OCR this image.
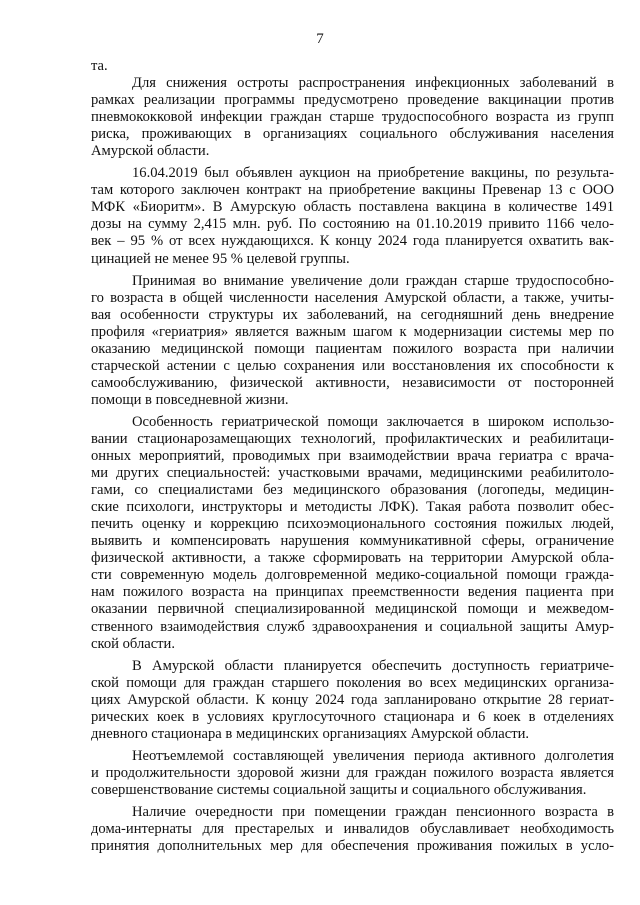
7
та.
Для снижения остроты распространения инфекционных заболеваний в
рамках реализации программы предусмотрено проведение вакцинации против
пневмококковой инфекции граждан старше трудоспособного возраста из групп
риска, проживающих в организациях социального обслуживания населения
Амурской области.
16.04.2019 был объявлен аукцион на приобретение вакцины, по результа-
там которого заключен контракт на приобретение вакцины Превенар 13 с ООО
МФК «Биоритм». В Амурскую область поставлена вакцина в количестве 1491
дозы на сумму 2,415 млн. руб. По состоянию на 01.10.2019 привито 1166 чело-
век – 95 % от всех нуждающихся. К концу 2024 года планируется охватить вак-
цинацией не менее 95 % целевой группы.
Принимая во внимание увеличение доли граждан старше трудоспособно-
го возраста в общей численности населения Амурской области, а также, учиты-
вая особенности структуры их заболеваний, на сегодняшний день внедрение
профиля «гериатрия» является важным шагом к модернизации системы мер по
оказанию медицинской помощи пациентам пожилого возраста при наличии
старческой астении с целью сохранения или восстановления их способности к
самообслуживанию, физической активности, независимости от посторонней
помощи в повседневной жизни.
Особенность гериатрической помощи заключается в широком использо-
вании стационарозамещающих технологий, профилактических и реабилитаци-
онных мероприятий, проводимых при взаимодействии врача гериатра с врача-
ми других специальностей: участковыми врачами, медицинскими реабилитоло-
гами, со специалистами без медицинского образования (логопеды, медицин-
ские психологи, инструкторы и методисты ЛФК). Такая работа позволит обес-
печить оценку и коррекцию психоэмоционального состояния пожилых людей,
выявить и компенсировать нарушения коммуникативной сферы, ограничение
физической активности, а также сформировать на территории Амурской обла-
сти современную модель долговременной медико-социальной помощи гражда-
нам пожилого возраста на принципах преемственности ведения пациента при
оказании первичной специализированной медицинской помощи и межведом-
ственного взаимодействия служб здравоохранения и социальной защиты Амур-
ской области.
В Амурской области планируется обеспечить доступность гериатриче-
ской помощи для граждан старшего поколения во всех медицинских организа-
циях Амурской области. К концу 2024 года запланировано открытие 28 гериат-
рических коек в условиях круглосуточного стационара и 6 коек в отделениях
дневного стационара в медицинских организациях Амурской области.
Неотъемлемой составляющей увеличения периода активного долголетия
и продолжительности здоровой жизни для граждан пожилого возраста является
совершенствование системы социальной защиты и социального обслуживания.
Наличие очередности при помещении граждан пенсионного возраста в
дома-интернаты для престарелых и инвалидов обуславливает необходимость
принятия дополнительных мер для обеспечения проживания пожилых в усло-
